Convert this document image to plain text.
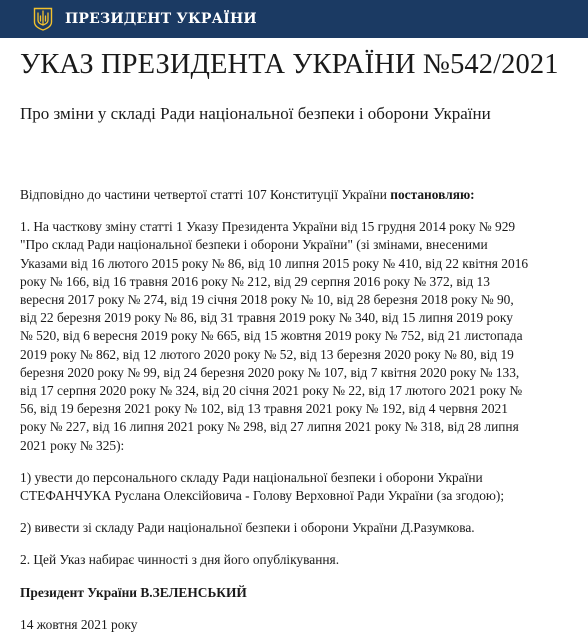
ПРЕЗИДЕНТ УКРАЇНИ
УКАЗ ПРЕЗИДЕНТА УКРАЇНИ №542/2021
Про зміни у складі Ради національної безпеки і оборони України

Відповідно до частини четвертої статті 107 Конституції України постановляю:

1. На часткову зміну статті 1 Указу Президента України від 15 грудня 2014 року № 929
"Про склад Ради національної безпеки і оборони України" (зі змінами, внесеними
Указами від 16 лютого 2015 року № 86, від 10 липня 2015 року № 410, від 22 квітня 2016
року № 166, від 16 травня 2016 року № 212, від 29 серпня 2016 року № 372, від 13
вересня 2017 року № 274, від 19 січня 2018 року № 10, від 28 березня 2018 року № 90,
від 22 березня 2019 року № 86, від 31 травня 2019 року № 340, від 15 липня 2019 року
№ 520, від 6 вересня 2019 року № 665, від 15 жовтня 2019 року № 752, від 21 листопада
2019 року № 862, від 12 лютого 2020 року № 52, від 13 березня 2020 року № 80, від 19
березня 2020 року № 99, від 24 березня 2020 року № 107, від 7 квітня 2020 року № 133,
від 17 серпня 2020 року № 324, від 20 січня 2021 року № 22, від 17 лютого 2021 року №
56, від 19 березня 2021 року № 102, від 13 травня 2021 року № 192, від 4 червня 2021
року № 227, від 16 липня 2021 року № 298, від 27 липня 2021 року № 318, від 28 липня
2021 року № 325):

1) увести до персонального складу Ради національної безпеки і оборони України
СТЕФАНЧУКА Руслана Олексійовича - Голову Верховної Ради України (за згодою);

2) вивести зі складу Ради національної безпеки і оборони України Д.Разумкова.

2. Цей Указ набирає чинності з дня його опублікування.

Президент України В.ЗЕЛЕНСЬКИЙ

14 жовтня 2021 року
